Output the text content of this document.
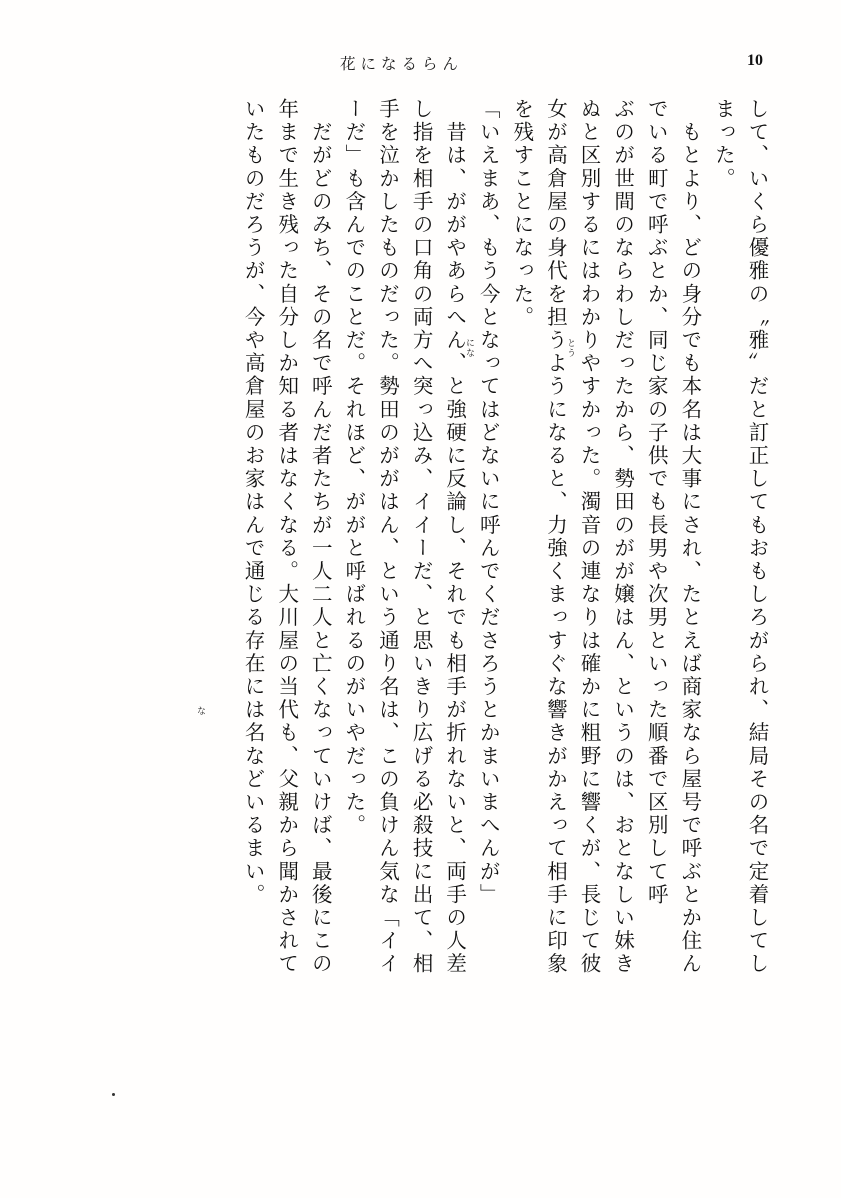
花になるらん	10
して、いくら優雅の〝雅〟だと訂正してもおもしろがられ、結局その名で定着してし
まった。
　もとより、どの身分でも本名は大事にされ、たとえば商家なら屋号で呼ぶとか住ん
でいる町で呼ぶとか、同じ家の子供でも長男や次男といった順番で区別して呼
ぶのが世間のならわしだったから、勢田のがが嬢はん、というのは、おとなしい妹き
ぬと区別するにはわかりやすかった。濁音の連なりは確かに粗野に響くが、長じて彼
女が高倉屋の身代を担うようになると、力強くまっすぐな響きがかえって相手に印象
を残すことになった。
「いえまあ、もう今となってはどないに呼んでくださろうとかまいまへんが」
　昔は、ががやあらへん、と強硬に反論し、それでも相手が折れないと、両手の人差
し指を相手の口角の両方へ突っ込み、イイーだ、と思いきり広げる必殺技に出て、相
手を泣かしたものだった。勢田のががはん、という通り名は、この負けん気な「イイ
ーだ」も含んでのことだ。それほど、ががと呼ばれるのがいやだった。
　だがどのみち、その名で呼んだ者たちが一人二人と亡くなっていけば、最後にこの
年まで生き残った自分しか知る者はなくなる。大川屋の当代も、父親から聞かされて
いたものだろうが、今や高倉屋のお家はんで通じる存在には名などいるまい。	とう
にな
な
